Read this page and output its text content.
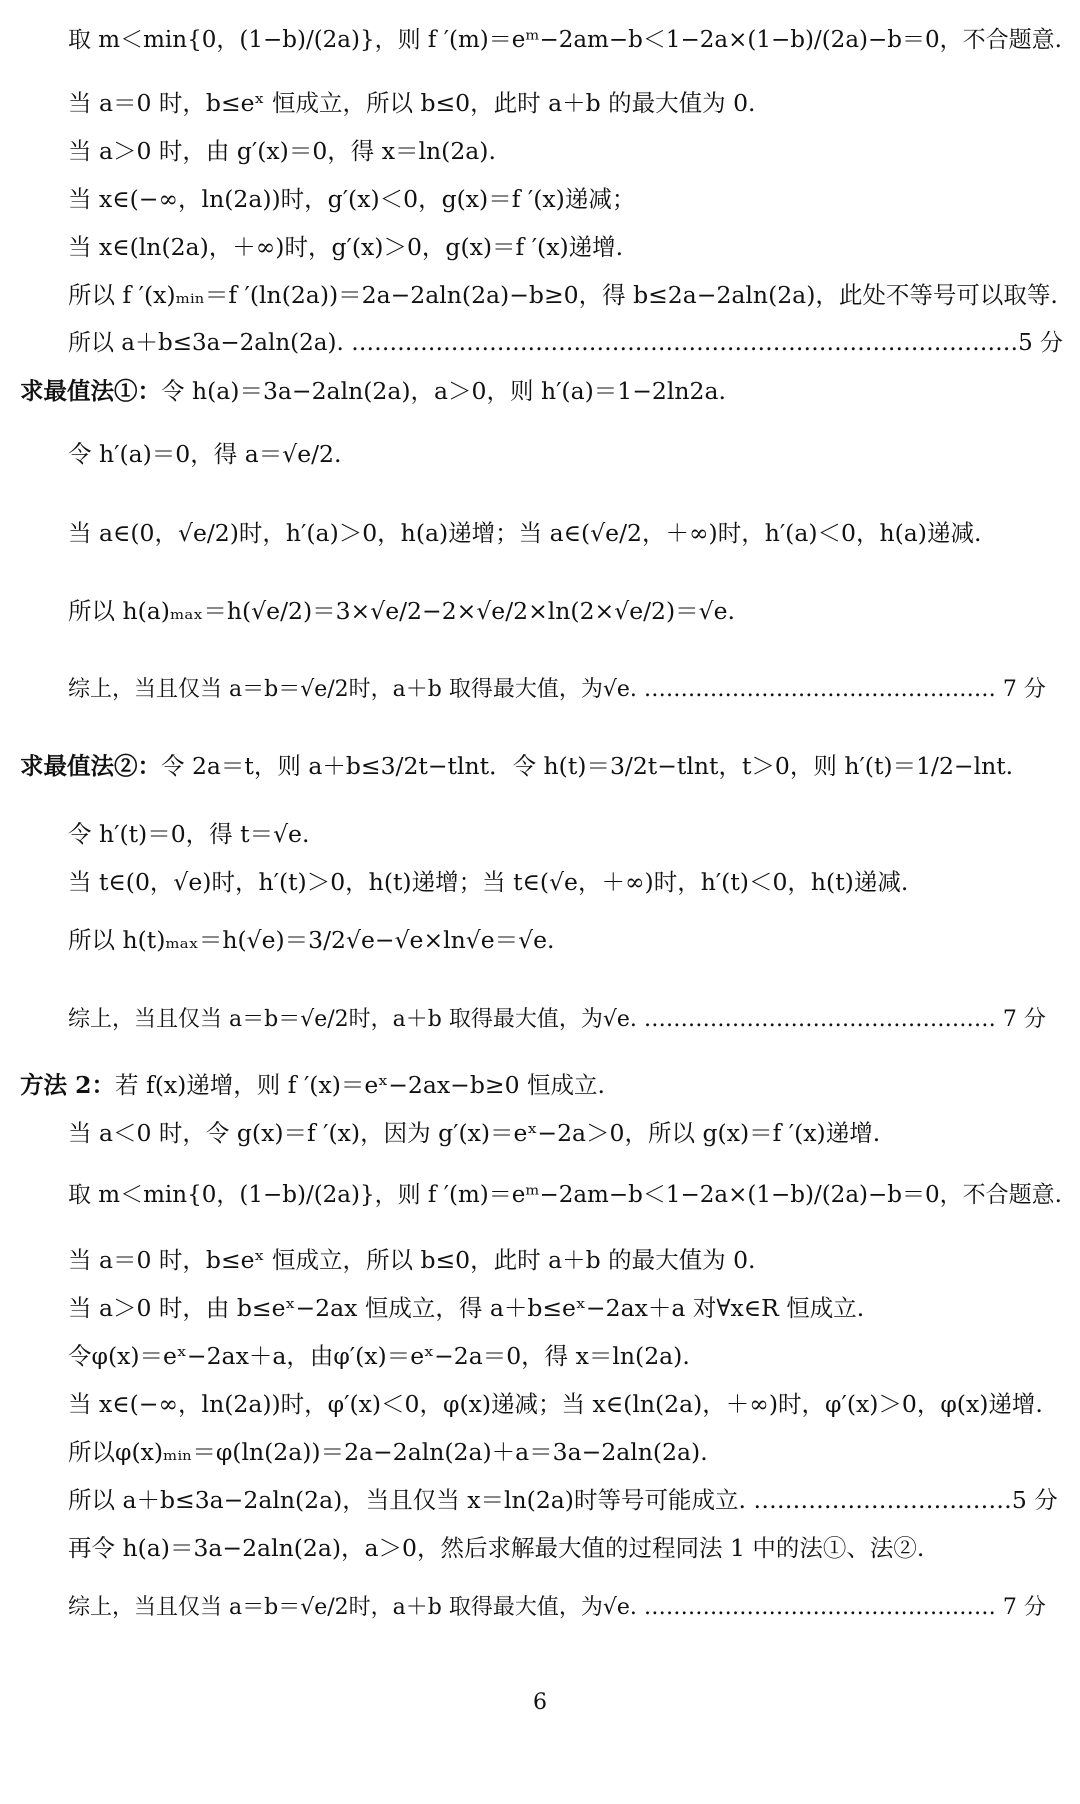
取 m＜min{0，(1−b)/(2a)}，则 f ′(m)＝eᵐ−2am−b＜1−2a×(1−b)/(2a)−b＝0，不合题意.
当 a＝0 时，b≤eˣ 恒成立，所以 b≤0，此时 a＋b 的最大值为 0.
当 a＞0 时，由 g′(x)＝0，得 x＝ln(2a).
当 x∈(−∞，ln(2a))时，g′(x)＜0，g(x)＝f ′(x)递减；
当 x∈(ln(2a)，＋∞)时，g′(x)＞0，g(x)＝f ′(x)递增.
所以 f ′(x)ₘᵢₙ＝f ′(ln(2a))＝2a−2aln(2a)−b≥0，得 b≤2a−2aln(2a)，此处不等号可以取等.
所以 a＋b≤3a−2aln(2a). ……………………………………………………………………………5 分
求最值法①：令 h(a)＝3a−2aln(2a)，a＞0，则 h′(a)＝1−2ln2a.
令 h′(a)＝0，得 a＝√e/2.
当 a∈(0，√e/2)时，h′(a)＞0，h(a)递增；当 a∈(√e/2，＋∞)时，h′(a)＜0，h(a)递减.
所以 h(a)ₘₐₓ＝h(√e/2)＝3×√e/2−2×√e/2×ln(2×√e/2)＝√e.
综上，当且仅当 a＝b＝√e/2时，a＋b 取得最大值，为√e. ………………………………………… 7 分
求最值法②：令 2a＝t，则 a＋b≤3/2t−tlnt．令 h(t)＝3/2t−tlnt，t＞0，则 h′(t)＝1/2−lnt.
令 h′(t)＝0，得 t＝√e.
当 t∈(0，√e)时，h′(t)＞0，h(t)递增；当 t∈(√e，＋∞)时，h′(t)＜0，h(t)递减.
所以 h(t)ₘₐₓ＝h(√e)＝3/2√e−√e×ln√e＝√e.
综上，当且仅当 a＝b＝√e/2时，a＋b 取得最大值，为√e. ………………………………………… 7 分
方法 2：若 f(x)递增，则 f ′(x)＝eˣ−2ax−b≥0 恒成立.
当 a＜0 时，令 g(x)＝f ′(x)，因为 g′(x)＝eˣ−2a＞0，所以 g(x)＝f ′(x)递增.
取 m＜min{0，(1−b)/(2a)}，则 f ′(m)＝eᵐ−2am−b＜1−2a×(1−b)/(2a)−b＝0，不合题意.
当 a＝0 时，b≤eˣ 恒成立，所以 b≤0，此时 a＋b 的最大值为 0.
当 a＞0 时，由 b≤eˣ−2ax 恒成立，得 a＋b≤eˣ−2ax＋a 对∀x∈R 恒成立.
令φ(x)＝eˣ−2ax＋a，由φ′(x)＝eˣ−2a＝0，得 x＝ln(2a).
当 x∈(−∞，ln(2a))时，φ′(x)＜0，φ(x)递减；当 x∈(ln(2a)，＋∞)时，φ′(x)＞0，φ(x)递增.
所以φ(x)ₘᵢₙ＝φ(ln(2a))＝2a−2aln(2a)＋a＝3a−2aln(2a).
所以 a＋b≤3a−2aln(2a)，当且仅当 x＝ln(2a)时等号可能成立. ……………………………5 分
再令 h(a)＝3a−2aln(2a)，a＞0，然后求解最大值的过程同法 1 中的法①、法②.
综上，当且仅当 a＝b＝√e/2时，a＋b 取得最大值，为√e. ………………………………………… 7 分
6
